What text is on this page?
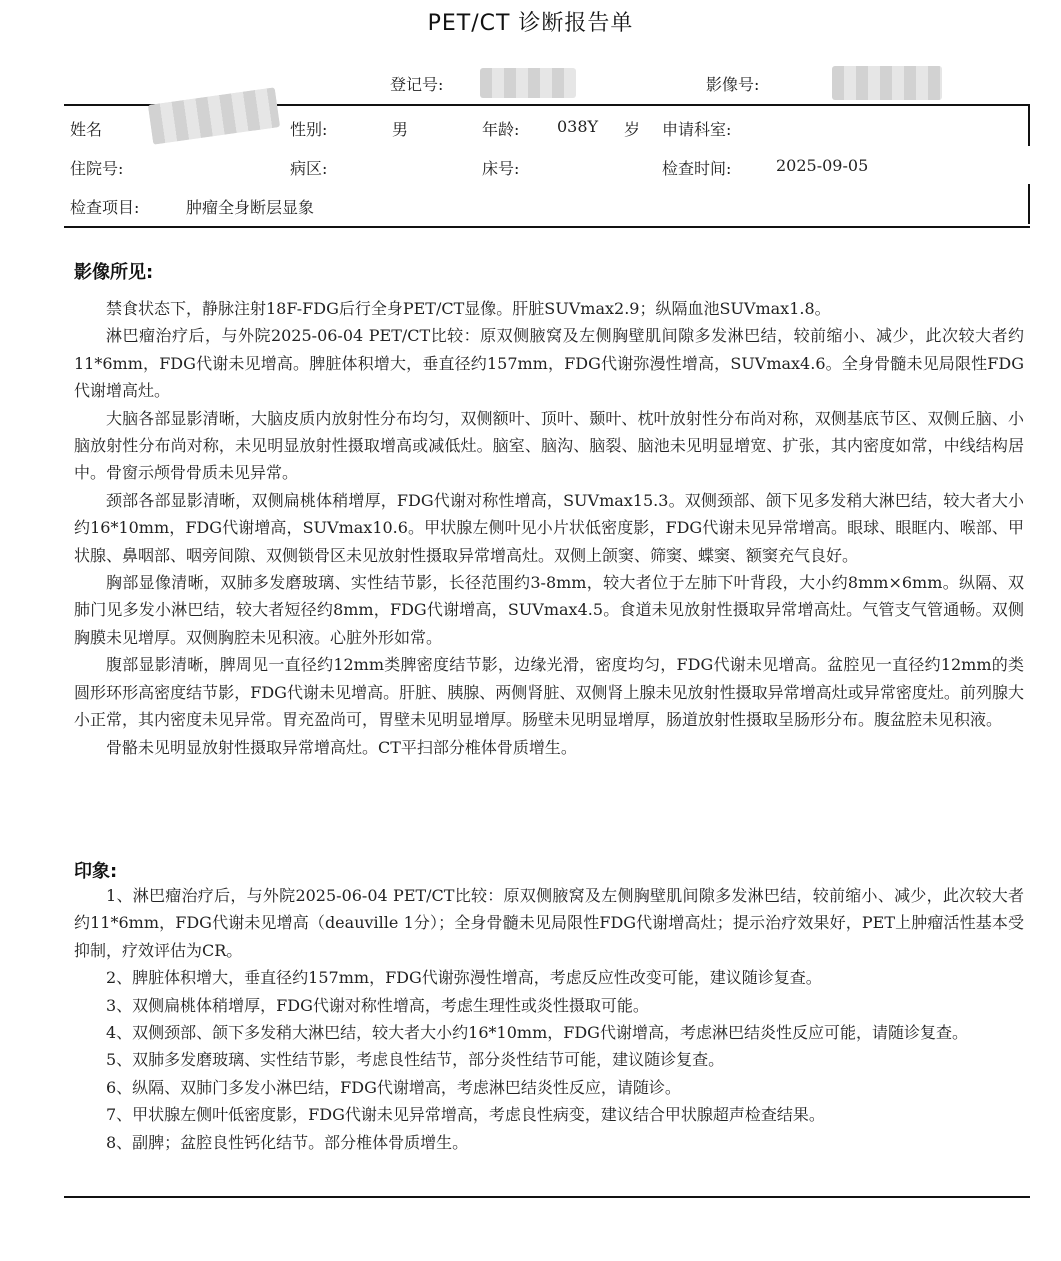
PET/CT 诊断报告单
登记号:	影像号:
姓名	性别:	男	年龄: 038Y 岁 申请科室:
住院号:	病区:	床号:	检查时间:	2025-09-05
检查项目:	肿瘤全身断层显象
影像所见:

禁食状态下，静脉注射18F-FDG后行全身PET/CT显像。肝脏SUVmax2.9；纵隔血池SUVmax1.8。

淋巴瘤治疗后，与外院2025-06-04 PET/CT比较：原双侧腋窝及左侧胸壁肌间隙多发淋巴结，较前缩小、减少，此次较大者约11*6mm，FDG代谢未见增高。脾脏体积增大，垂直径约157mm，FDG代谢弥漫性增高，SUVmax4.6。全身骨髓未见局限性FDG代谢增高灶。

大脑各部显影清晰，大脑皮质内放射性分布均匀，双侧额叶、顶叶、颞叶、枕叶放射性分布尚对称，双侧基底节区、双侧丘脑、小脑放射性分布尚对称，未见明显放射性摄取增高或减低灶。脑室、脑沟、脑裂、脑池未见明显增宽、扩张，其内密度如常，中线结构居中。骨窗示颅骨骨质未见异常。

颈部各部显影清晰，双侧扁桃体稍增厚，FDG代谢对称性增高，SUVmax15.3。双侧颈部、颌下见多发稍大淋巴结，较大者大小约16*10mm，FDG代谢增高，SUVmax10.6。甲状腺左侧叶见小片状低密度影，FDG代谢未见异常增高。眼球、眼眶内、喉部、甲状腺、鼻咽部、咽旁间隙、双侧锁骨区未见放射性摄取异常增高灶。双侧上颌窦、筛窦、蝶窦、额窦充气良好。

胸部显像清晰，双肺多发磨玻璃、实性结节影，长径范围约3-8mm，较大者位于左肺下叶背段，大小约8mm×6mm。纵隔、双肺门见多发小淋巴结，较大者短径约8mm，FDG代谢增高，SUVmax4.5。食道未见放射性摄取异常增高灶。气管支气管通畅。双侧胸膜未见增厚。双侧胸腔未见积液。心脏外形如常。

腹部显影清晰，脾周见一直径约12mm类脾密度结节影，边缘光滑，密度均匀，FDG代谢未见增高。盆腔见一直径约12mm的类圆形环形高密度结节影，FDG代谢未见增高。肝脏、胰腺、两侧肾脏、双侧肾上腺未见放射性摄取异常增高灶或异常密度灶。前列腺大小正常，其内密度未见异常。胃充盈尚可，胃壁未见明显增厚。肠壁未见明显增厚，肠道放射性摄取呈肠形分布。腹盆腔未见积液。

骨骼未见明显放射性摄取异常增高灶。CT平扫部分椎体骨质增生。

印象:

1、淋巴瘤治疗后，与外院2025-06-04 PET/CT比较：原双侧腋窝及左侧胸壁肌间隙多发淋巴结，较前缩小、减少，此次较大者约11*6mm，FDG代谢未见增高（deauville 1分）；全身骨髓未见局限性FDG代谢增高灶；提示治疗效果好，PET上肿瘤活性基本受抑制，疗效评估为CR。

2、脾脏体积增大，垂直径约157mm，FDG代谢弥漫性增高，考虑反应性改变可能，建议随诊复查。

3、双侧扁桃体稍增厚，FDG代谢对称性增高，考虑生理性或炎性摄取可能。

4、双侧颈部、颌下多发稍大淋巴结，较大者大小约16*10mm，FDG代谢增高，考虑淋巴结炎性反应可能，请随诊复查。

5、双肺多发磨玻璃、实性结节影，考虑良性结节，部分炎性结节可能，建议随诊复查。

6、纵隔、双肺门多发小淋巴结，FDG代谢增高，考虑淋巴结炎性反应，请随诊。

7、甲状腺左侧叶低密度影，FDG代谢未见异常增高，考虑良性病变，建议结合甲状腺超声检查结果。

8、副脾；盆腔良性钙化结节。部分椎体骨质增生。
